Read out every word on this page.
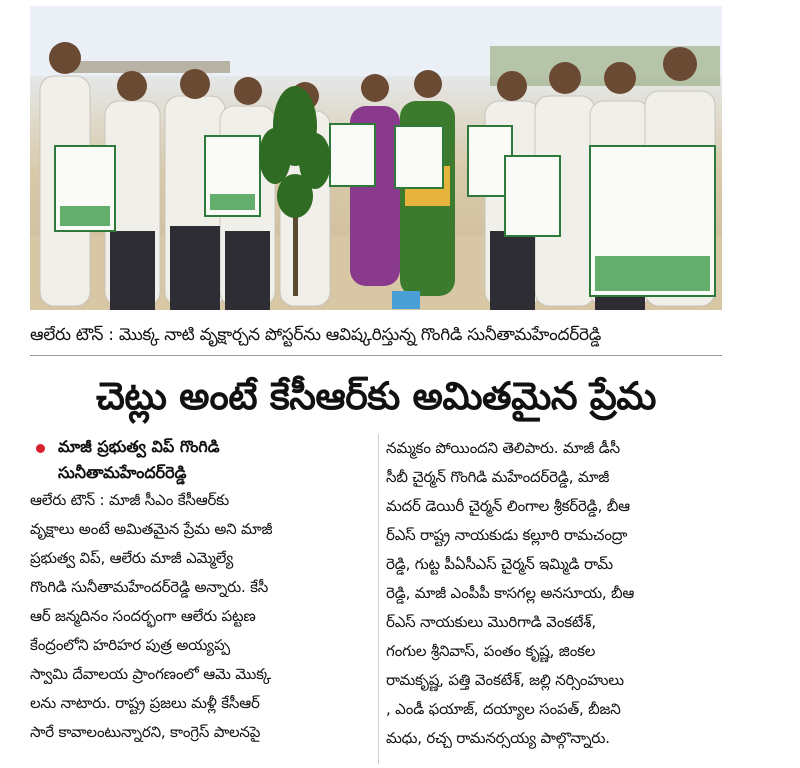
ఆలేరు టౌన్ : మొక్క నాటి వృక్షార్చన పోస్టర్‌ను ఆవిష్కరిస్తున్న గొంగిడి సునీతామహేందర్‌రెడ్డి
చెట్లు అంటే కేసీఆర్‌కు అమితమైన ప్రేమ
మాజీ ప్రభుత్వ విప్ గొంగిడి
సునీతామహేందర్‌రెడ్డి
ఆలేరు టౌన్ : మాజీ సీఎం కేసీఆర్‌కు
వృక్షాలు అంటే అమితమైన ప్రేమ అని మాజీ
ప్రభుత్వ విప్, ఆలేరు మాజీ ఎమ్మెల్యే
గొంగిడి సునీతామహేందర్‌రెడ్డి అన్నారు. కేసీ
ఆర్ జన్మదినం సందర్భంగా ఆలేరు పట్టణ
కేంద్రంలోని హరిహర పుత్ర అయ్యప్ప
స్వామి దేవాలయ ప్రాంగణంలో ఆమె మొక్క
లను నాటారు. రాష్ట్ర ప్రజలు మళ్లీ కేసీఆర్
సారే కావాలంటున్నారని, కాంగ్రెస్ పాలనపై
నమ్మకం పోయిందని తెలిపారు. మాజీ డీసీ
సీబీ చైర్మన్ గొంగిడి మహేందర్‌రెడ్డి, మాజీ
మదర్ డెయిరీ చైర్మన్ లింగాల శ్రీకర్‌రెడ్డి, బీఆ
ర్ఎస్ రాష్ట్ర నాయకుడు కల్లూరి రామచంద్రా
రెడ్డి, గుట్ట పీఏసీఎస్ చైర్మన్ ఇమ్మిడి రామ్
రెడ్డి, మాజీ ఎంపీపీ కాసగల్ల అనసూయ, బీఆ
ర్ఎస్ నాయకులు మొరిగాడి వెంకటేశ్,
గంగుల శ్రీనివాస్, పంతం కృష్ణ, జింకల
రామకృష్ణ, పత్తి వెంకటేశ్, జల్లి నర్సింహులు
, ఎండీ ఫయాజ్, దయ్యాల సంపత్, బీజని
మధు, రచ్చ రామనర్సయ్య పాల్గొన్నారు.
